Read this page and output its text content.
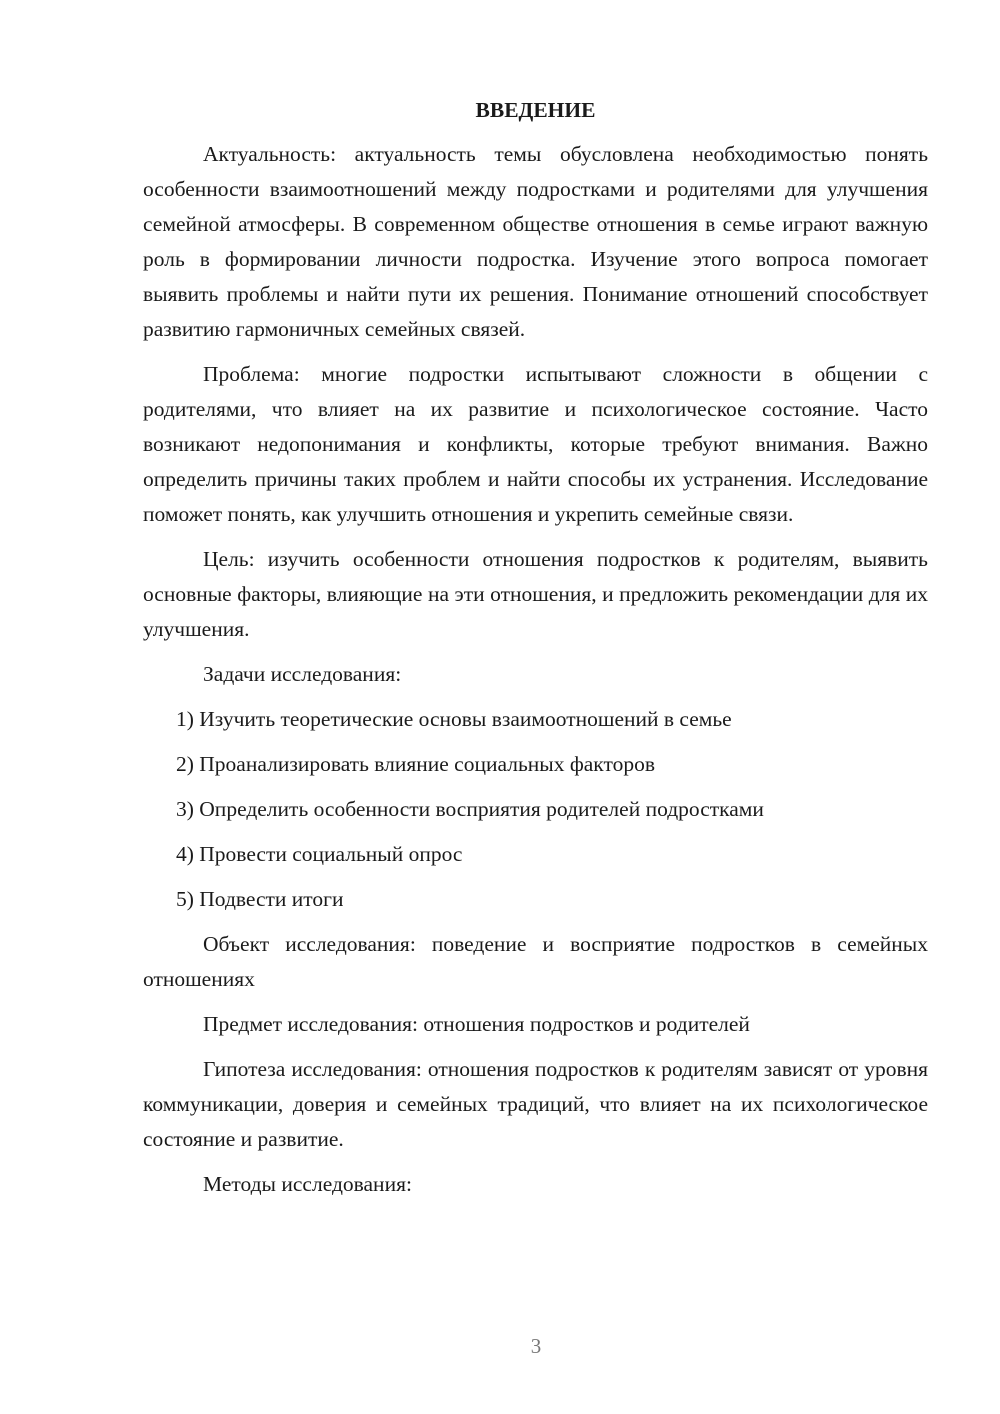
ВВЕДЕНИЕ
Актуальность: актуальность темы обусловлена необходимостью понять особенности взаимоотношений между подростками и родителями для улучшения семейной атмосферы. В современном обществе отношения в семье играют важную роль в формировании личности подростка. Изучение этого вопроса помогает выявить проблемы и найти пути их решения. Понимание отношений способствует развитию гармоничных семейных связей.
Проблема: многие подростки испытывают сложности в общении с родителями, что влияет на их развитие и психологическое состояние. Часто возникают недопонимания и конфликты, которые требуют внимания. Важно определить причины таких проблем и найти способы их устранения. Исследование поможет понять, как улучшить отношения и укрепить семейные связи.
Цель: изучить особенности отношения подростков к родителям, выявить основные факторы, влияющие на эти отношения, и предложить рекомендации для их улучшения.
Задачи исследования:
1) Изучить теоретические основы взаимоотношений в семье
2) Проанализировать влияние социальных факторов
3) Определить особенности восприятия родителей подростками
4) Провести социальный опрос
5) Подвести итоги
Объект исследования: поведение и восприятие подростков в семейных отношениях
Предмет исследования: отношения подростков и родителей
Гипотеза исследования: отношения подростков к родителям зависят от уровня коммуникации, доверия и семейных традиций, что влияет на их психологическое состояние и развитие.
Методы исследования:
3
